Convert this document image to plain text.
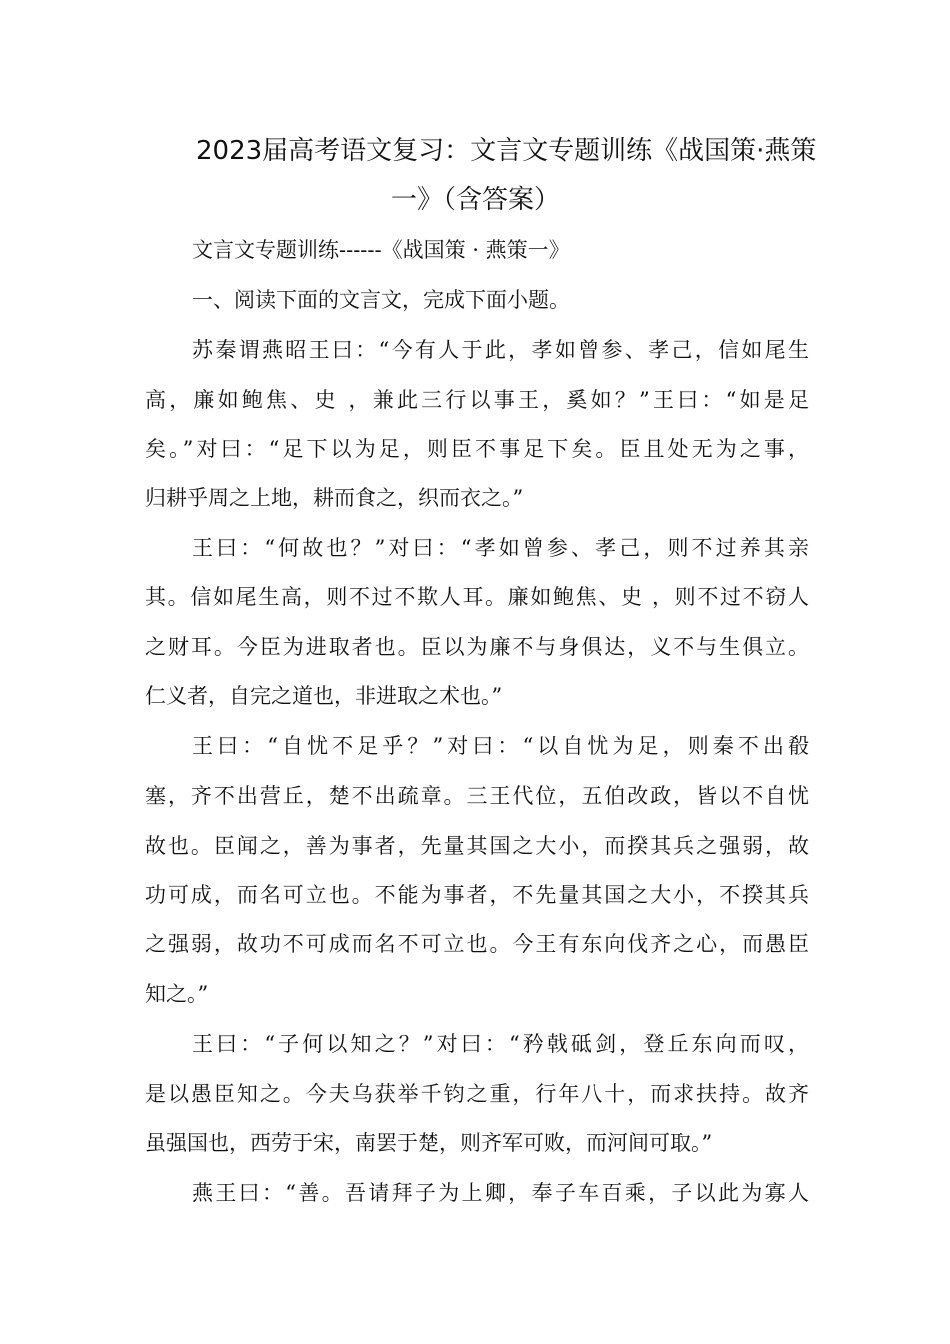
2023届高考语文复习：文言文专题训练《战国策·燕策
一》（含答案）
文言文专题训练------《战国策 · 燕策一》
一、阅读下面的文言文，完成下面小题。
苏秦谓燕昭王曰：“今有人于此，孝如曾参、孝己，信如尾生
高，廉如鲍焦、史 ，兼此三行以事王，奚如？”王曰：“如是足
矣。”对曰：“足下以为足，则臣不事足下矣。臣且处无为之事，
归耕乎周之上地，耕而食之，织而衣之。”
王曰：“何故也？”对曰：“孝如曾参、孝己，则不过养其亲
其。信如尾生高，则不过不欺人耳。廉如鲍焦、史 ，则不过不窃人
之财耳。今臣为进取者也。臣以为廉不与身俱达，义不与生俱立。
仁义者，自完之道也，非进取之术也。”
王曰：“自忧不足乎？”对曰：“以自忧为足，则秦不出殽
塞，齐不出营丘，楚不出疏章。三王代位，五伯改政，皆以不自忧
故也。臣闻之，善为事者，先量其国之大小，而揆其兵之强弱，故
功可成，而名可立也。不能为事者，不先量其国之大小，不揆其兵
之强弱，故功不可成而名不可立也。今王有东向伐齐之心，而愚臣
知之。”
王曰：“子何以知之？”对曰：“矜戟砥剑，登丘东向而叹，
是以愚臣知之。今夫乌获举千钧之重，行年八十，而求扶持。故齐
虽强国也，西劳于宋，南罢于楚，则齐军可败，而河间可取。”
燕王曰：“善。吾请拜子为上卿，奉子车百乘，子以此为寡人
